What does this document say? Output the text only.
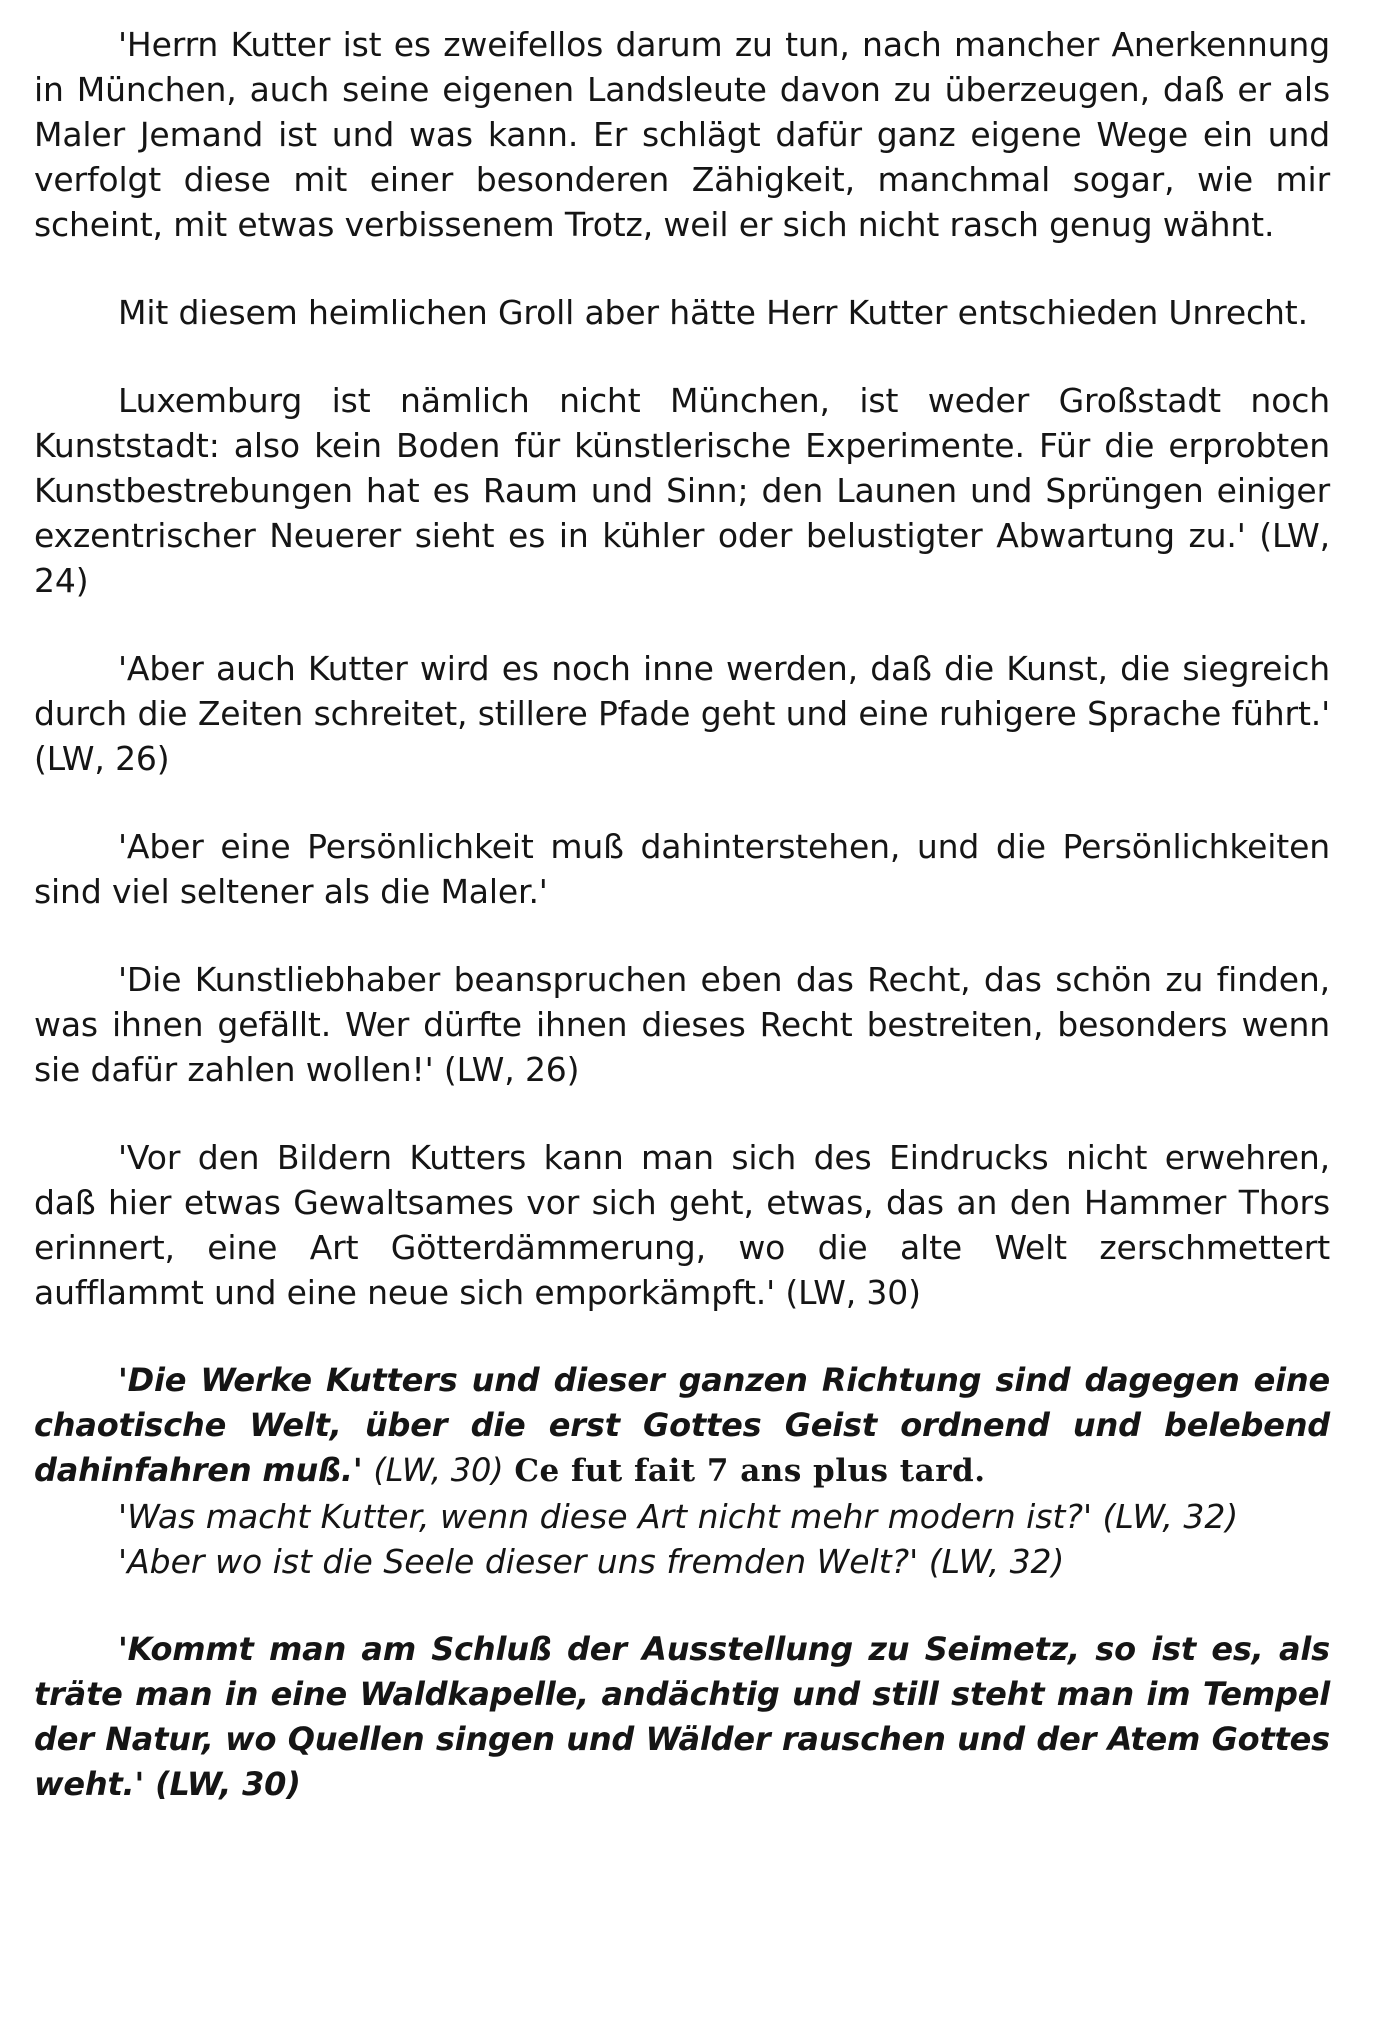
'Herrn Kutter ist es zweifellos darum zu tun, nach mancher Anerkennung in München, auch seine eigenen Landsleute davon zu überzeugen, daß er als Maler Jemand ist und was kann. Er schlägt dafür ganz eigene Wege ein und verfolgt diese mit einer besonderen Zähigkeit, manchmal sogar, wie mir scheint, mit etwas verbissenem Trotz, weil er sich nicht rasch genug wähnt.

Mit diesem heimlichen Groll aber hätte Herr Kutter entschieden Unrecht.

Luxemburg ist nämlich nicht München, ist weder Großstadt noch Kunststadt: also kein Boden für künstlerische Experimente. Für die erprobten Kunstbestrebungen hat es Raum und Sinn; den Launen und Sprüngen einiger exzentrischer Neuerer sieht es in kühler oder belustigter Abwartung zu.' (LW, 24)

'Aber auch Kutter wird es noch inne werden, daß die Kunst, die siegreich durch die Zeiten schreitet, stillere Pfade geht und eine ruhigere Sprache führt.' (LW, 26)

'Aber eine Persönlichkeit muß dahinterstehen, und die Persönlichkeiten sind viel seltener als die Maler.'

'Die Kunstliebhaber beanspruchen eben das Recht, das schön zu finden, was ihnen gefällt. Wer dürfte ihnen dieses Recht bestreiten, besonders wenn sie dafür zahlen wollen!' (LW, 26)

'Vor den Bildern Kutters kann man sich des Eindrucks nicht erwehren, daß hier etwas Gewaltsames vor sich geht, etwas, das an den Hammer Thors erinnert, eine Art Götterdämmerung, wo die alte Welt zerschmettert aufflammt und eine neue sich emporkämpft.' (LW, 30)

'Die Werke Kutters und dieser ganzen Richtung sind dagegen eine chaotische Welt, über die erst Gottes Geist ordnend und belebend dahinfahren muß.' (LW, 30) Ce fut fait 7 ans plus tard.

'Was macht Kutter, wenn diese Art nicht mehr modern ist?' (LW, 32)

'Aber wo ist die Seele dieser uns fremden Welt?' (LW, 32)

'Kommt man am Schluß der Ausstellung zu Seimetz, so ist es, als träte man in eine Waldkapelle, andächtig und still steht man im Tempel der Natur, wo Quellen singen und Wälder rauschen und der Atem Gottes weht.' (LW, 30)
